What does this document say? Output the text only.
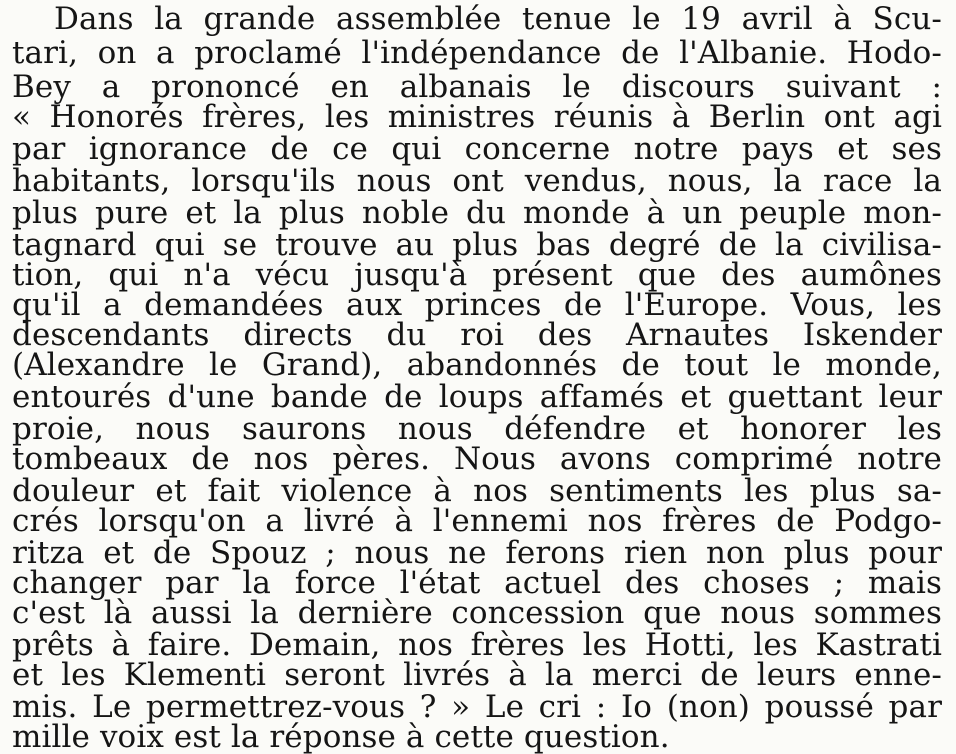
Dans la grande assemblée tenue le 19 avril à Scu-
tari, on a proclamé l'indépendance de l'Albanie. Hodo-
Bey a prononcé en albanais le discours suivant :
« Honorés frères, les ministres réunis à Berlin ont agi
par ignorance de ce qui concerne notre pays et ses
habitants, lorsqu'ils nous ont vendus, nous, la race la
plus pure et la plus noble du monde à un peuple mon-
tagnard qui se trouve au plus bas degré de la civilisa-
tion, qui n'a vécu jusqu'à présent que des aumônes
qu'il a demandées aux princes de l'Europe. Vous, les
descendants directs du roi des Arnautes Iskender
(Alexandre le Grand), abandonnés de tout le monde,
entourés d'une bande de loups affamés et guettant leur
proie, nous saurons nous défendre et honorer les
tombeaux de nos pères. Nous avons comprimé notre
douleur et fait violence à nos sentiments les plus sa-
crés lorsqu'on a livré à l'ennemi nos frères de Podgo-
ritza et de Spouz ; nous ne ferons rien non plus pour
changer par la force l'état actuel des choses ; mais
c'est là aussi la dernière concession que nous sommes
prêts à faire. Demain, nos frères les Hotti, les Kastrati
et les Klementi seront livrés à la merci de leurs enne-
mis. Le permettrez-vous ? » Le cri : Io (non) poussé par
mille voix est la réponse à cette question.
